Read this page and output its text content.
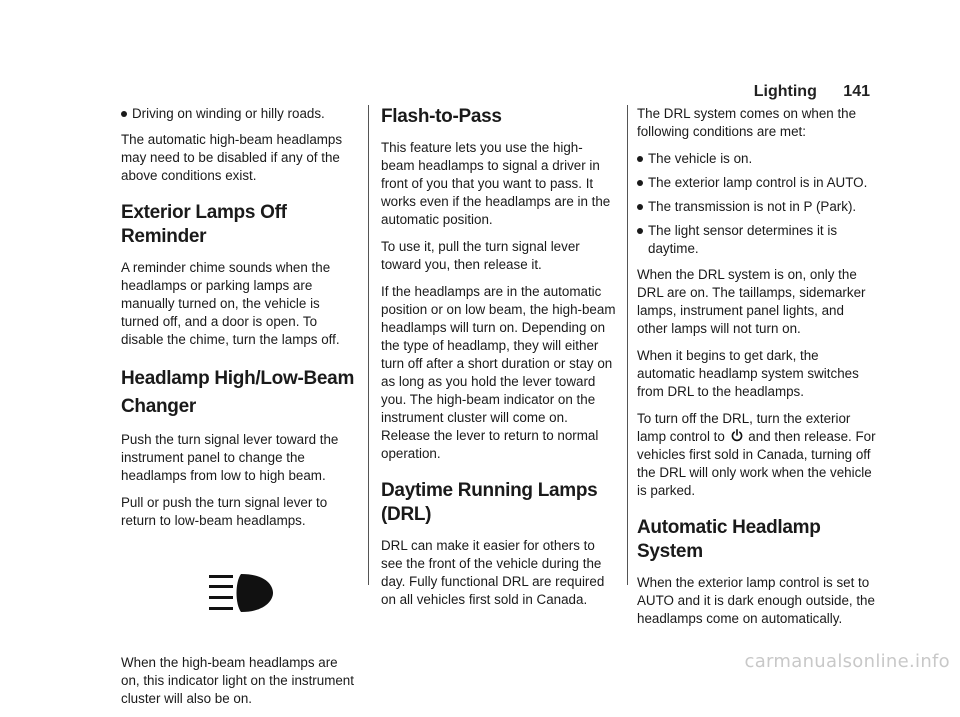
Lighting 141
Driving on winding or hilly roads.

The automatic high-beam headlamps may need to be disabled if any of the above conditions exist.

Exterior Lamps Off Reminder

A reminder chime sounds when the headlamps or parking lamps are manually turned on, the vehicle is turned off, and a door is open. To disable the chime, turn the lamps off.

Headlamp High/Low-Beam Changer

Push the turn signal lever toward the instrument panel to change the headlamps from low to high beam.

Pull or push the turn signal lever to return to low-beam headlamps.

When the high-beam headlamps are on, this indicator light on the instrument cluster will also be on.

Flash-to-Pass

This feature lets you use the high-beam headlamps to signal a driver in front of you that you want to pass. It works even if the headlamps are in the automatic position.

To use it, pull the turn signal lever toward you, then release it.

If the headlamps are in the automatic position or on low beam, the high-beam headlamps will turn on. Depending on the type of headlamp, they will either turn off after a short duration or stay on as long as you hold the lever toward you. The high-beam indicator on the instrument cluster will come on. Release the lever to return to normal operation.

Daytime Running Lamps (DRL)

DRL can make it easier for others to see the front of the vehicle during the day. Fully functional DRL are required on all vehicles first sold in Canada.

The DRL system comes on when the following conditions are met:

The vehicle is on.
The exterior lamp control is in AUTO.
The transmission is not in P (Park).
The light sensor determines it is daytime.

When the DRL system is on, only the DRL are on. The taillamps, sidemarker lamps, instrument panel lights, and other lamps will not turn on.

When it begins to get dark, the automatic headlamp system switches from DRL to the headlamps.

To turn off the DRL, turn the exterior lamp control to and then release. For vehicles first sold in Canada, turning off the DRL will only work when the vehicle is parked.

Automatic Headlamp System

When the exterior lamp control is set to AUTO and it is dark enough outside, the headlamps come on automatically.

carmanualsonline.info
